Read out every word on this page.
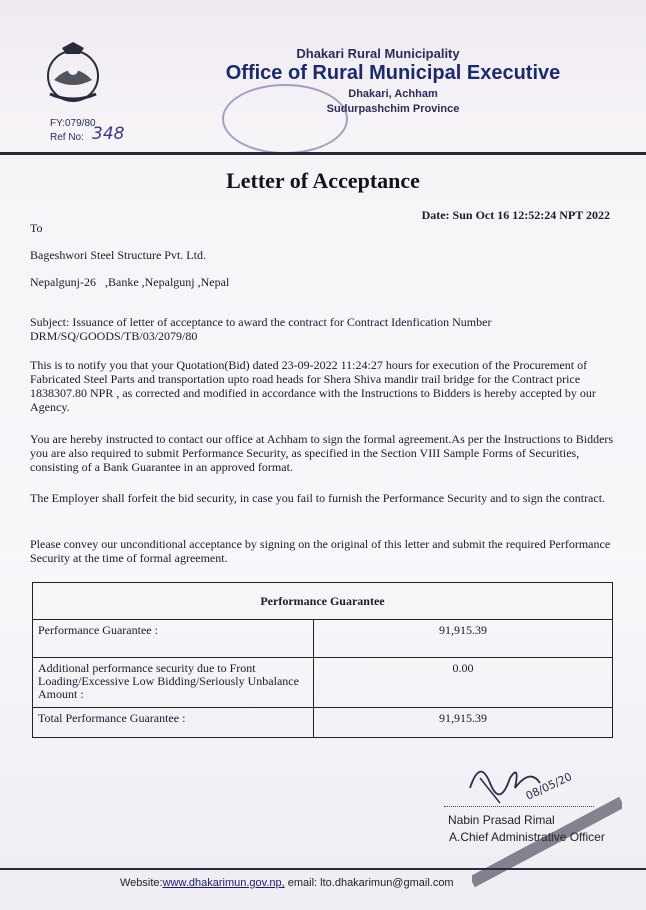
Dhakari Rural Municipality
Office of Rural Municipal Executive
Dhakari, Achham
Sudurpashchim Province
FY:079/80
Ref No: 348
Letter of Acceptance
Date: Sun Oct 16 12:52:24 NPT 2022
To
Bageshwori Steel Structure Pvt. Ltd.
Nepalgunj-26   ,Banke ,Nepalgunj ,Nepal
Subject: Issuance of letter of acceptance to award the contract for Contract Idenfication Number DRM/SQ/GOODS/TB/03/2079/80
This is to notify you that your Quotation(Bid) dated 23-09-2022 11:24:27 hours for execution of the Procurement of Fabricated Steel Parts and transportation upto road heads for Shera Shiva mandir trail bridge for the Contract price 1838307.80 NPR , as corrected and modified in accordance with the Instructions to Bidders is hereby accepted by our Agency.
You are hereby instructed to contact our office at Achham to sign the formal agreement.As per the Instructions to Bidders you are also required to submit Performance Security, as specified in the Section VIII Sample Forms of Securities, consisting of a Bank Guarantee in an approved format.
The Employer shall forfeit the bid security, in case you fail to furnish the Performance Security and to sign the contract.
Please convey our unconditional acceptance by signing on the original of this letter and submit the required Performance Security at the time of formal agreement.
Performance Guarantee	
Performance Guarantee :	91,915.39
Additional performance security due to Front Loading/Excessive Low Bidding/Seriously Unbalance Amount :	0.00
Total Performance Guarantee :	91,915.39
08/05/20
Nabin Prasad Rimal
A.Chief Administrative Officer
Website:www.dhakarimun.gov.np, email: lto.dhakarimun@gmail.com
